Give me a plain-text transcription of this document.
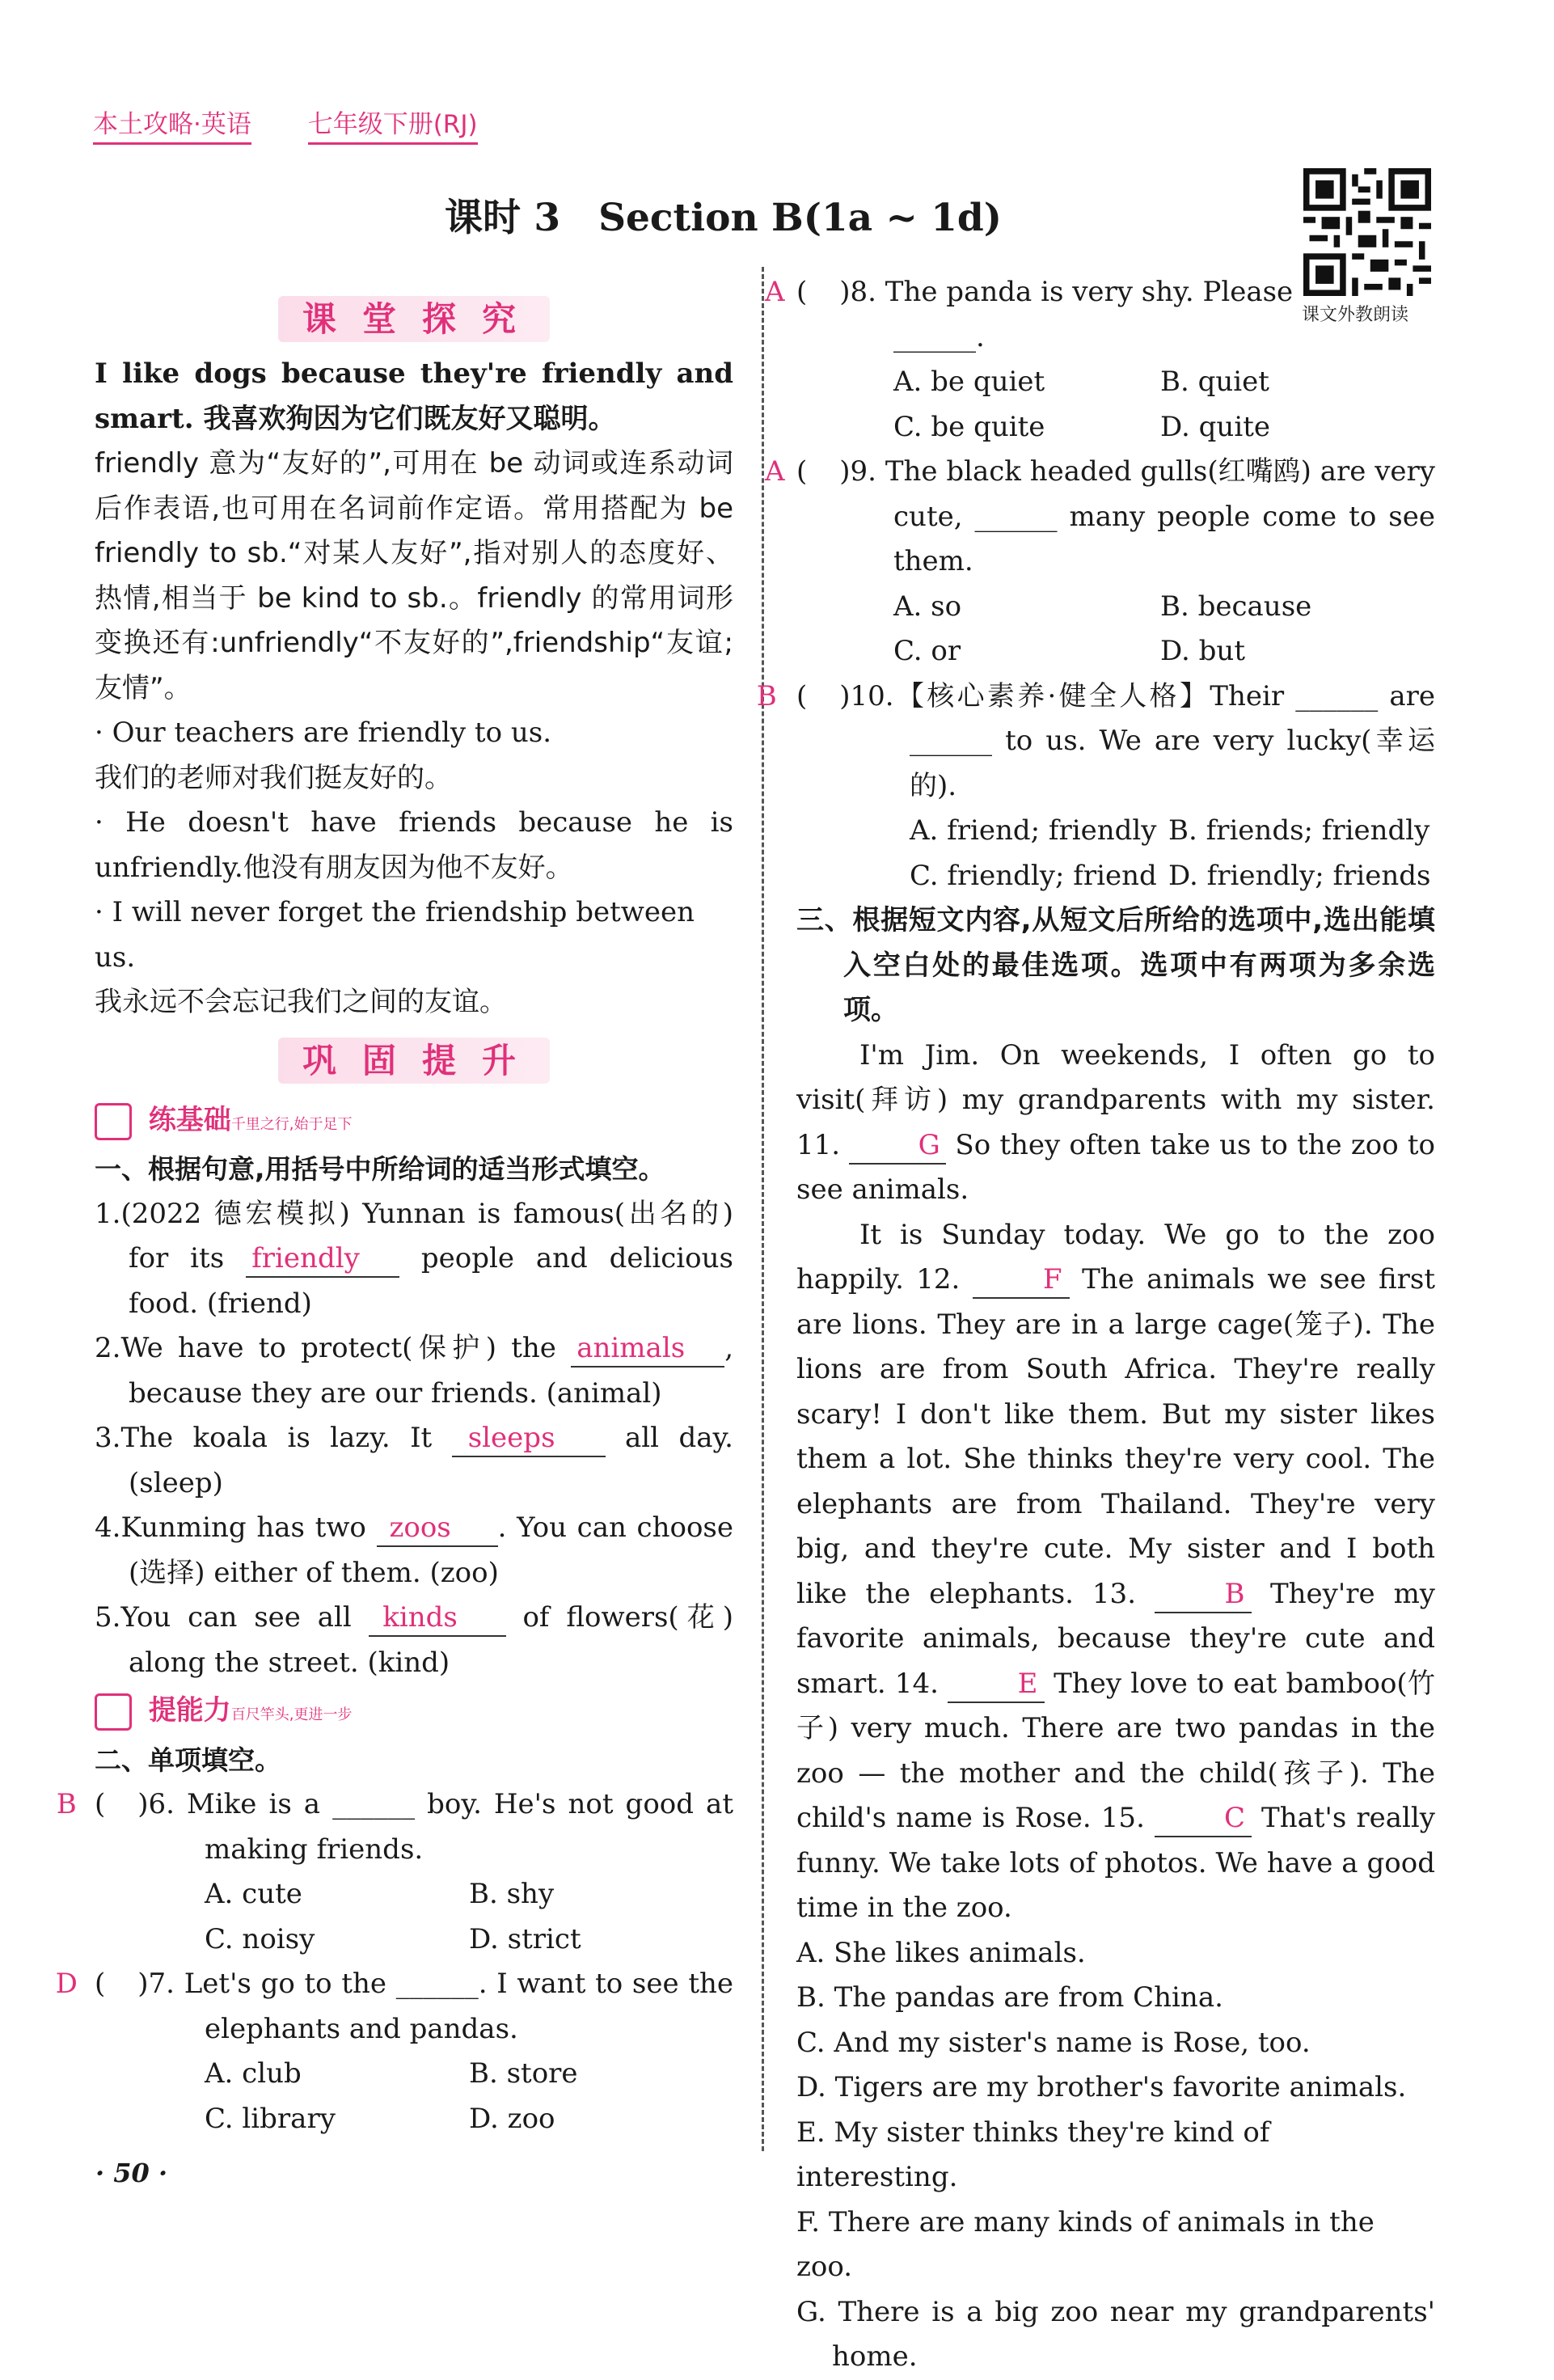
本土攻略·英语 七年级下册(RJ)
课时 3　Section B(1a ~ 1d)
课文外教朗读
课堂探究
I like dogs because they're friendly and smart. 我喜欢狗因为它们既友好又聪明。
friendly 意为“友好的”,可用在 be 动词或连系动词后作表语,也可用在名词前作定语。常用搭配为 be friendly to sb.“对某人友好”,指对别人的态度好、热情,相当于 be kind to sb.。friendly 的常用词形变换还有:unfriendly“不友好的”,friendship“友谊;友情”。
· Our teachers are friendly to us.
我们的老师对我们挺友好的。
· He doesn't have friends because he is unfriendly.他没有朋友因为他不友好。
· I will never forget the friendship between us.
我永远不会忘记我们之间的友谊。
巩固提升
练基础千里之行,始于足下
一、根据句意,用括号中所给词的适当形式填空。
1.(2022 德宏模拟) Yunnan is famous(出名的) for its friendly people and delicious food. (friend)
2.We have to protect(保护) the animals , because they are our friends. (animal)
3.The koala is lazy. It sleeps	all day. (sleep)
4.Kunming has two zoos . You can choose (选择) either of them. (zoo)
5.You can see all kinds of flowers(花) along the street. (kind)
提能力百尺竿头,更进一步
二、单项填空。
(B )6. Mike is a ______ boy. He's not good at making friends.
A. cute	B. shy
C. noisy	D. strict
(D )7. Let's go to the ______. I want to see the elephants and pandas.
A. club	B. store
C. library	D. zoo
(A )8. The panda is very shy. Please ______.
A. be quiet	B. quiet
C. be quite	D. quite
(A )9. The black headed gulls(红嘴鸥) are very cute, ______ many people come to see them.
A. so	B. because
C. or	D. but
(B )10.【核心素养·健全人格】Their ______ are ______ to us. We are very lucky(幸运的).
A. friend; friendly B. friends; friendly
C. friendly; friend D. friendly; friends
三、根据短文内容,从短文后所给的选项中,选出能填入空白处的最佳选项。选项中有两项为多余选项。
I'm Jim. On weekends, I often go to visit(拜访) my grandparents with my sister. 11.	G So they often take us to the zoo to see animals.
It is Sunday today. We go to the zoo happily. 12.	F The animals we see first are lions. They are in a large cage(笼子). The lions are from South Africa. They're really scary! I don't like them. But my sister likes them a lot. She thinks they're very cool. The elephants are from Thailand. They're very big, and they're cute. My sister and I both like the elephants. 13.	B They're my favorite animals, because they're cute and smart. 14.	E They love to eat bamboo(竹子) very much. There are two pandas in the zoo — the mother and the child(孩子). The child's name is Rose. 15.	C That's really funny. We take lots of photos. We have a good time in the zoo.
A. She likes animals.
B. The pandas are from China.
C. And my sister's name is Rose, too.
D. Tigers are my brother's favorite animals.
E. My sister thinks they're kind of interesting.
F. There are many kinds of animals in the zoo.
G. There is a big zoo near my grandparents' home.
· 50 ·
